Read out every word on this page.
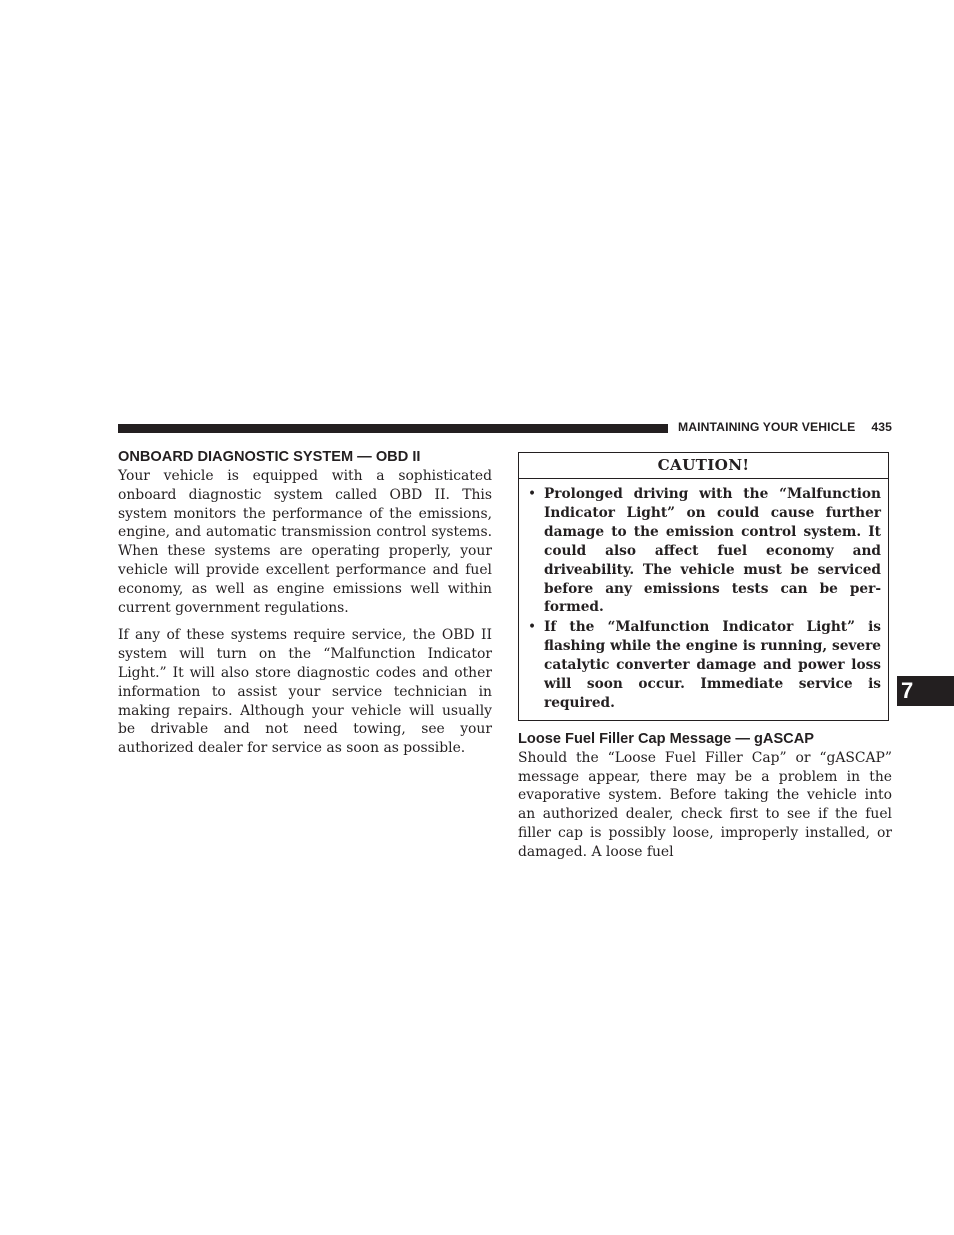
MAINTAINING YOUR VEHICLE 435
ONBOARD DIAGNOSTIC SYSTEM — OBD II

Your vehicle is equipped with a sophisticated onboard diagnostic system called OBD II. This system monitors the performance of the emissions, engine, and automatic transmission control systems. When these systems are operating properly, your vehicle will provide excellent performance and fuel economy, as well as engine emissions well within current government regulations.

If any of these systems require service, the OBD II system will turn on the “Malfunction Indicator Light.” It will also store diagnostic codes and other information to assist your service technician in making repairs. Although your vehicle will usually be drivable and not need towing, see your authorized dealer for service as soon as possible.

CAUTION!
• Prolonged driving with the “Malfunction Indicator Light” on could cause further damage to the emission control system. It could also affect fuel economy and driveability. The vehicle must be serviced before any emissions tests can be performed.
• If the “Malfunction Indicator Light” is flashing while the engine is running, severe catalytic converter damage and power loss will soon occur. Immediate service is required.
Loose Fuel Filler Cap Message — gASCAP

Should the “Loose Fuel Filler Cap” or “gASCAP” message appear, there may be a problem in the evaporative system. Before taking the vehicle into an authorized dealer, check first to see if the fuel filler cap is possibly loose, improperly installed, or damaged. A loose fuel

7
